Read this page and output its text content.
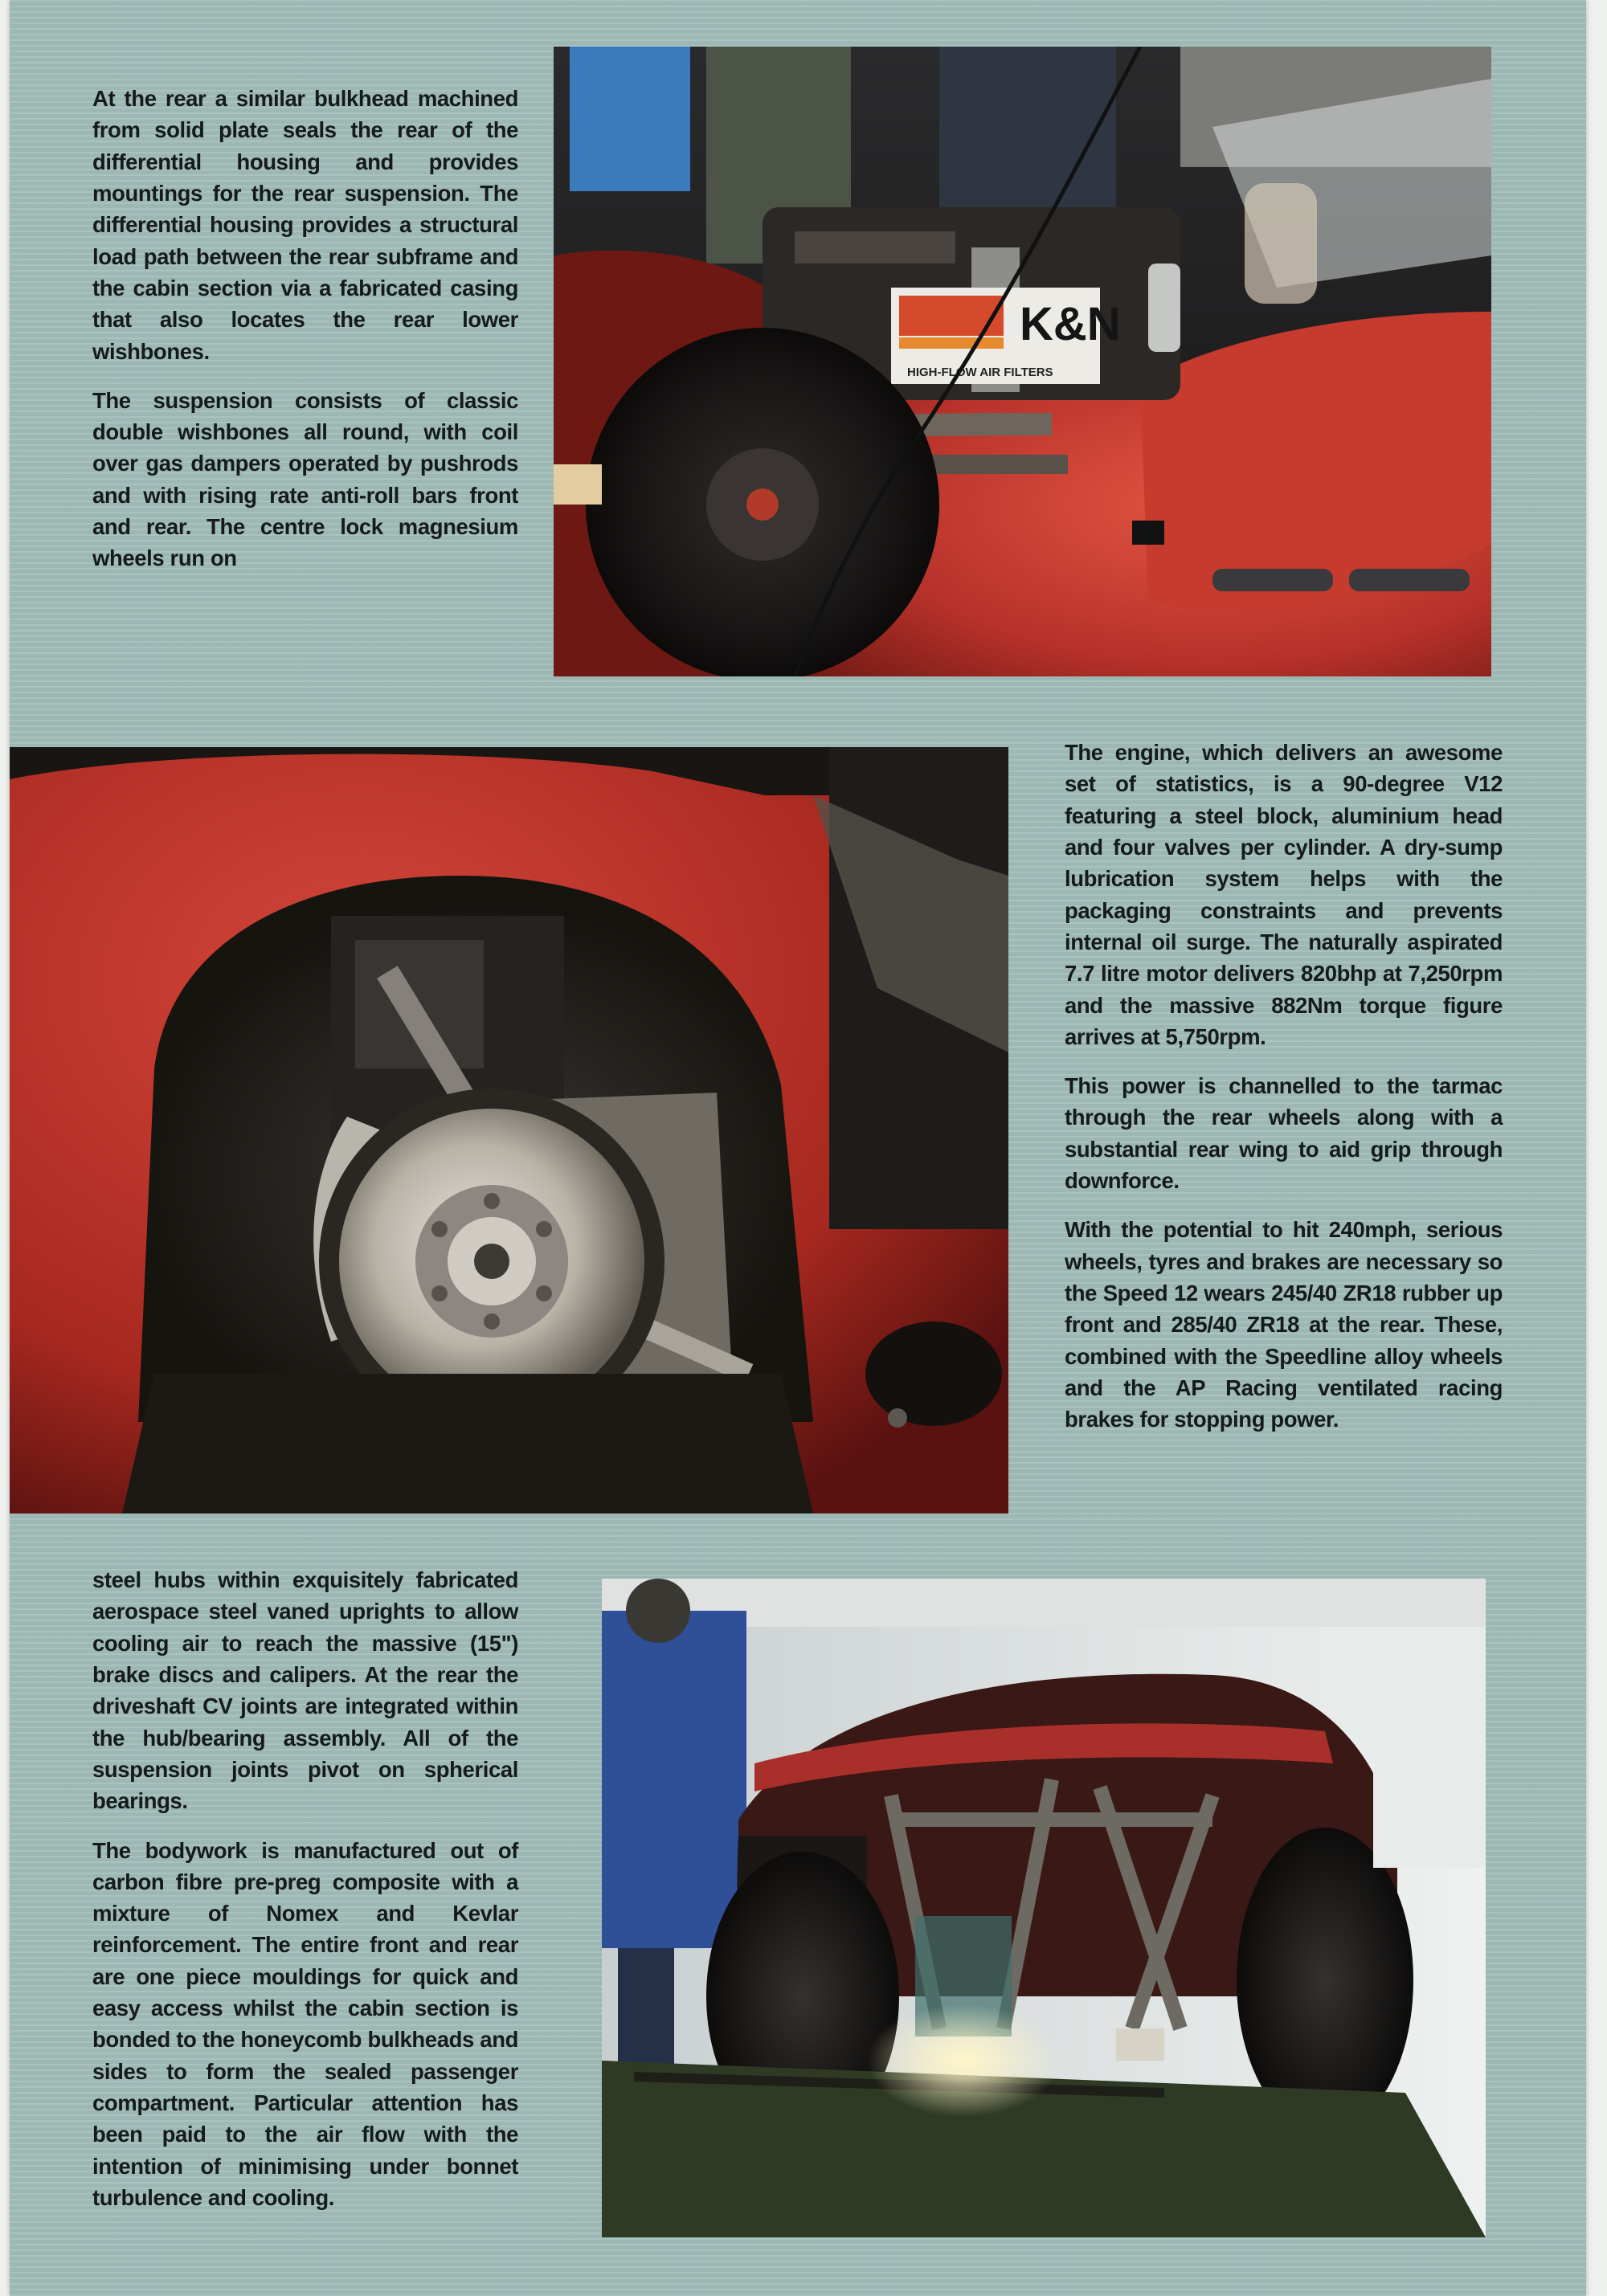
At the rear a similar bulkhead machined from solid plate seals the rear of the differential housing and provides mountings for the rear suspension. The differential housing provides a structural load path between the rear subframe and the cabin section via a fabricated casing that also locates the rear lower wishbones.

The suspension consists of classic double wishbones all round, with coil over gas dampers operated by pushrods and with rising rate anti-roll bars front and rear. The centre lock magnesium wheels run on

K&N
HIGH-FLOW AIR FILTERS

The engine, which delivers an awesome set of statistics, is a 90-degree V12 featuring a steel block, aluminium head and four valves per cylinder. A dry-sump lubrication system helps with the packaging constraints and prevents internal oil surge. The naturally aspirated 7.7 litre motor delivers 820bhp at 7,250rpm and the massive 882Nm torque figure arrives at 5,750rpm.

This power is channelled to the tarmac through the rear wheels along with a substantial rear wing to aid grip through downforce.

With the potential to hit 240mph, serious wheels, tyres and brakes are necessary so the Speed 12 wears 245/40 ZR18 rubber up front and 285/40 ZR18 at the rear. These, combined with the Speedline alloy wheels and the AP Racing ventilated racing brakes for stopping power.

steel hubs within exquisitely fabricated aerospace steel vaned uprights to allow cooling air to reach the massive (15") brake discs and calipers. At the rear the driveshaft CV joints are integrated within the hub/bearing assembly. All of the suspension joints pivot on spherical bearings.

The bodywork is manufactured out of carbon fibre pre-preg composite with a mixture of Nomex and Kevlar reinforcement. The entire front and rear are one piece mouldings for quick and easy access whilst the cabin section is bonded to the honeycomb bulkheads and sides to form the sealed passenger compartment. Particular attention has been paid to the air flow with the intention of minimising under bonnet turbulence and cooling.
